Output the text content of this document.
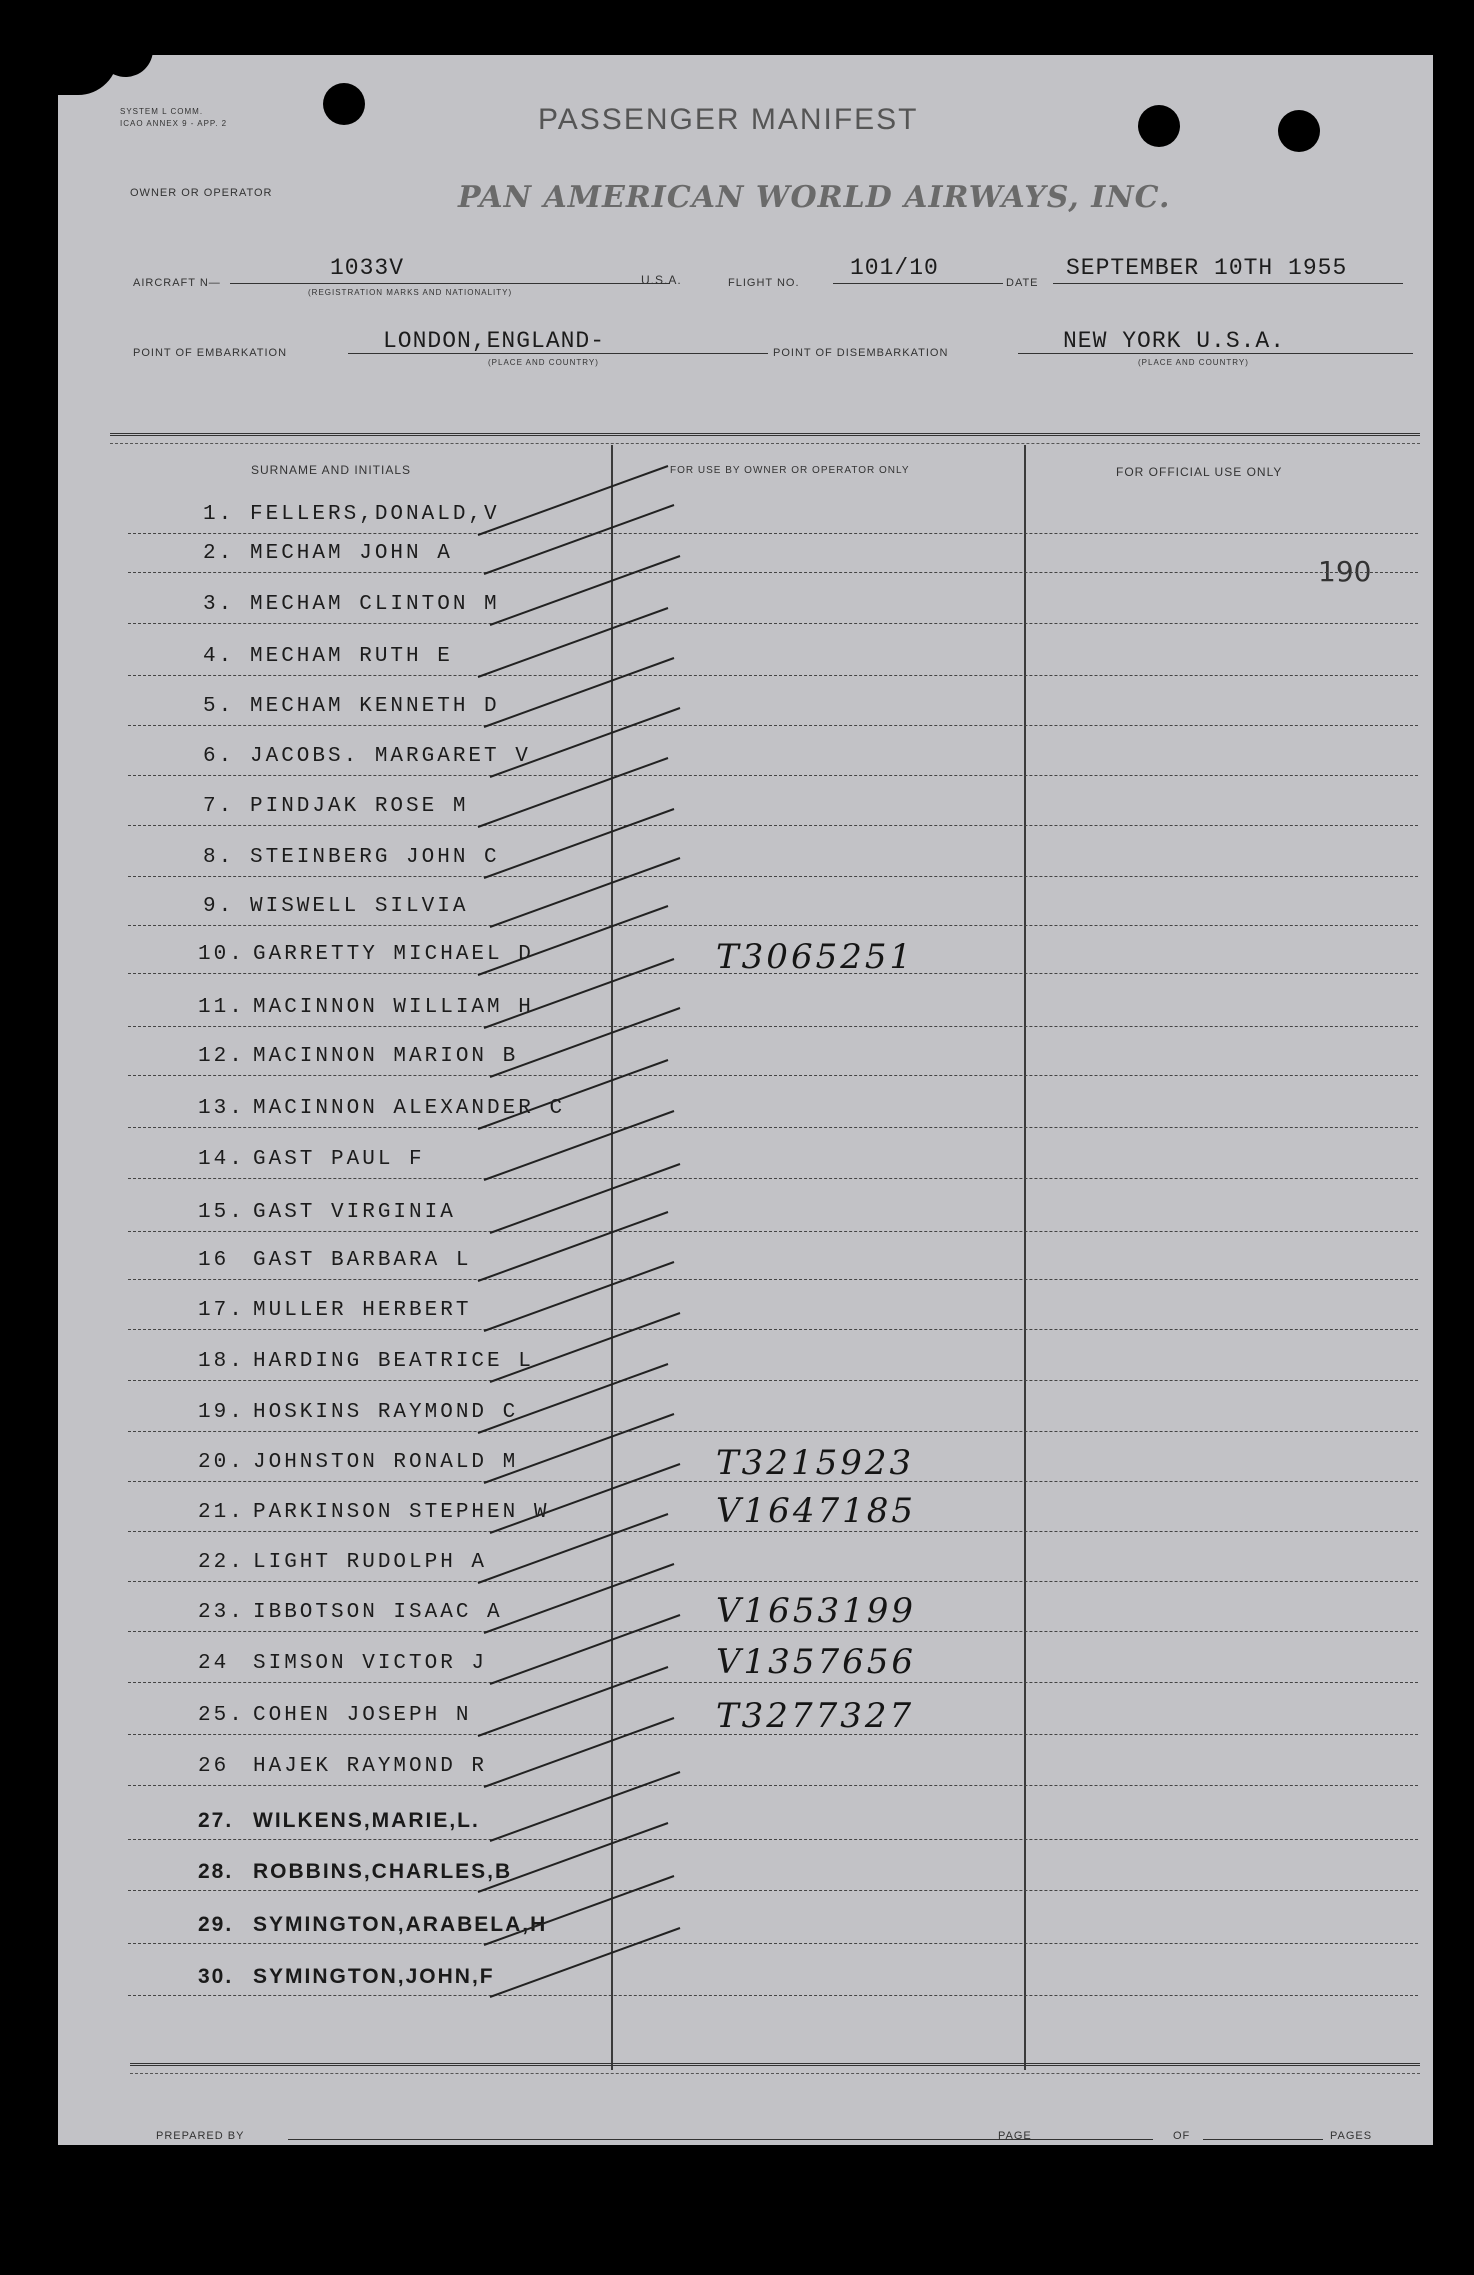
SYSTEM L COMM.
ICAO ANNEX 9 - APP. 2	PASSENGER MANIFEST
OWNER OR OPERATOR	PAN AMERICAN WORLD AIRWAYS, INC.
AIRCRAFT N—
1033V
(REGISTRATION MARKS AND NATIONALITY)
U.S.A.	FLIGHT NO.
101/10
DATE
SEPTEMBER 10TH 1955
POINT OF EMBARKATION	LONDON,ENGLAND-
(PLACE AND COUNTRY)
POINT OF DISEMBARKATION	NEW YORK U.S.A.
(PLACE AND COUNTRY)
SURNAME AND INITIALS	FOR USE BY OWNER OR OPERATOR ONLY	FOR OFFICIAL USE ONLY
190
1. FELLERS,DONALD,V
2. MECHAM JOHN A
3. MECHAM CLINTON M
4. MECHAM RUTH E
5. MECHAM KENNETH D
6. JACOBS. MARGARET V
7. PINDJAK ROSE M
8. STEINBERG JOHN C
9. WISWELL SILVIA
10. GARRETTY MICHAEL D	T3065251
11. MACINNON WILLIAM H
12. MACINNON MARION B
13. MACINNON ALEXANDER C
14. GAST PAUL F
15. GAST VIRGINIA
16 GAST BARBARA L
17. MULLER HERBERT
18. HARDING BEATRICE L
19. HOSKINS RAYMOND C
20. JOHNSTON RONALD M	T3215923
21. PARKINSON STEPHEN W	V1647185
22. LIGHT RUDOLPH A
23. IBBOTSON ISAAC A	V1653199
24 SIMSON VICTOR J	V1357656
25. COHEN JOSEPH N	T3277327
26 HAJEK RAYMOND R
27. WILKENS,MARIE,L.
28. ROBBINS,CHARLES,B
29. SYMINGTON,ARABELA,H
30. SYMINGTON,JOHN,F
PREPARED BY	PAGE	OF	PAGES
